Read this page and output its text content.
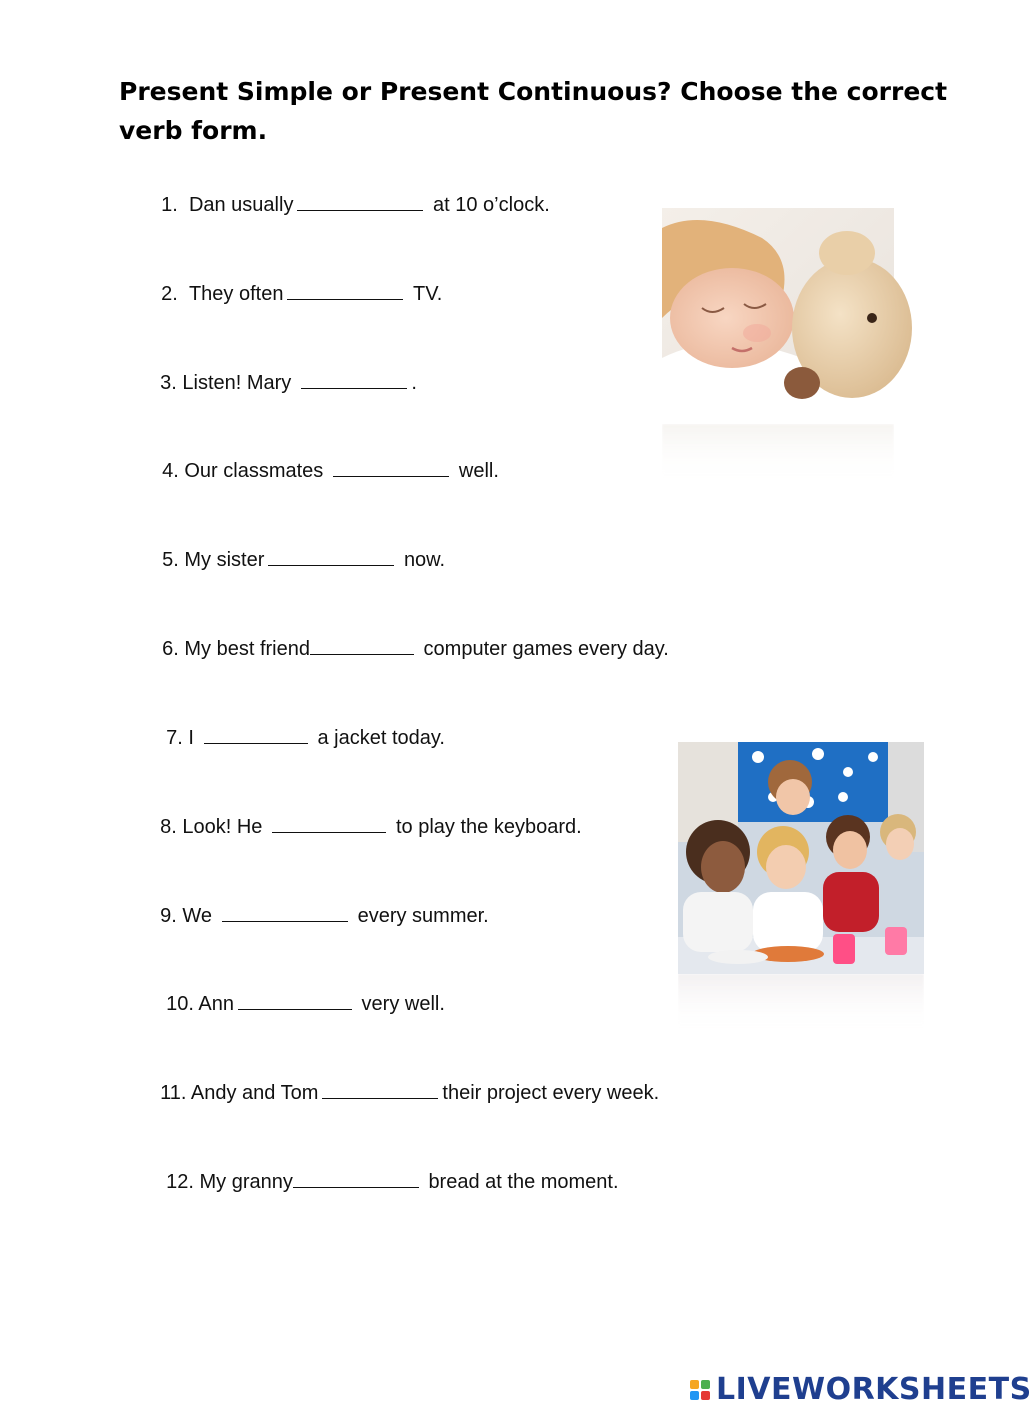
Present Simple or Present Continuous? Choose the correct verb form.

1. Dan usually	at 10 o’clock.

2. They often	TV.

3. Listen! Mary	.

4. Our classmates	well.

5. My sister	now.

6. My best friend	computer games every day.

7. I	a jacket today.

8. Look! He	to play the keyboard.

9. We	every summer.

10. Ann	very well.

11. Andy and Tom	their project every week.

12. My granny	bread at the moment.

LIVEWORKSHEETS
